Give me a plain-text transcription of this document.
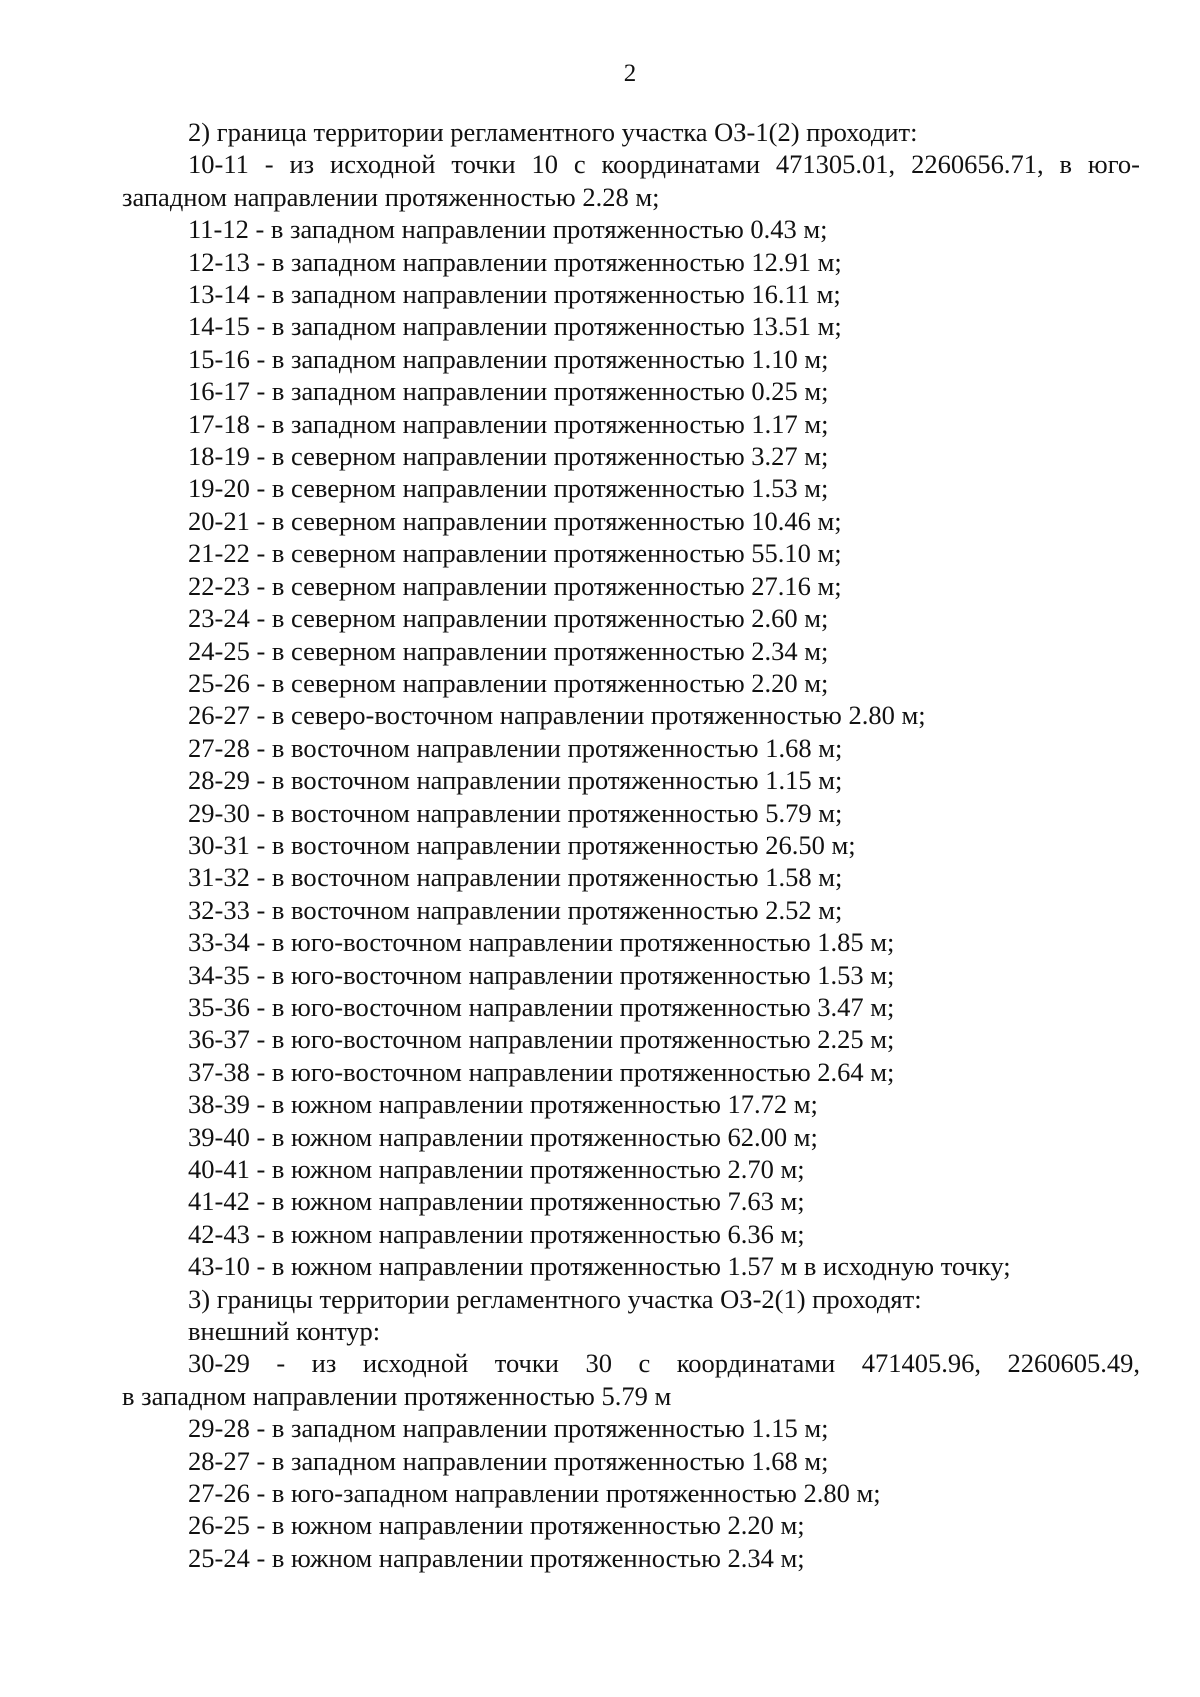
2
2) граница территории регламентного участка ОЗ-1(2) проходит:
10-11 - из исходной точки 10 с координатами 471305.01, 2260656.71, в юго-
западном направлении протяженностью 2.28 м;
11-12 - в западном направлении протяженностью 0.43 м;
12-13 - в западном направлении протяженностью 12.91 м;
13-14 - в западном направлении протяженностью 16.11 м;
14-15 - в западном направлении протяженностью 13.51 м;
15-16 - в западном направлении протяженностью 1.10 м;
16-17 - в западном направлении протяженностью 0.25 м;
17-18 - в западном направлении протяженностью 1.17 м;
18-19 - в северном направлении протяженностью 3.27 м;
19-20 - в северном направлении протяженностью 1.53 м;
20-21 - в северном направлении протяженностью 10.46 м;
21-22 - в северном направлении протяженностью 55.10 м;
22-23 - в северном направлении протяженностью 27.16 м;
23-24 - в северном направлении протяженностью 2.60 м;
24-25 - в северном направлении протяженностью 2.34 м;
25-26 - в северном направлении протяженностью 2.20 м;
26-27 - в северо-восточном направлении протяженностью 2.80 м;
27-28 - в восточном направлении протяженностью 1.68 м;
28-29 - в восточном направлении протяженностью 1.15 м;
29-30 - в восточном направлении протяженностью 5.79 м;
30-31 - в восточном направлении протяженностью 26.50 м;
31-32 - в восточном направлении протяженностью 1.58 м;
32-33 - в восточном направлении протяженностью 2.52 м;
33-34 - в юго-восточном направлении протяженностью 1.85 м;
34-35 - в юго-восточном направлении протяженностью 1.53 м;
35-36 - в юго-восточном направлении протяженностью 3.47 м;
36-37 - в юго-восточном направлении протяженностью 2.25 м;
37-38 - в юго-восточном направлении протяженностью 2.64 м;
38-39 - в южном направлении протяженностью 17.72 м;
39-40 - в южном направлении протяженностью 62.00 м;
40-41 - в южном направлении протяженностью 2.70 м;
41-42 - в южном направлении протяженностью 7.63 м;
42-43 - в южном направлении протяженностью 6.36 м;
43-10 - в южном направлении протяженностью 1.57 м в исходную точку;
3) границы территории регламентного участка ОЗ-2(1) проходят:
внешний контур:
30-29 - из исходной точки 30 с координатами 471405.96, 2260605.49,
в западном направлении протяженностью 5.79 м
29-28 - в западном направлении протяженностью 1.15 м;
28-27 - в западном направлении протяженностью 1.68 м;
27-26 - в юго-западном направлении протяженностью 2.80 м;
26-25 - в южном направлении протяженностью 2.20 м;
25-24 - в южном направлении протяженностью 2.34 м;
